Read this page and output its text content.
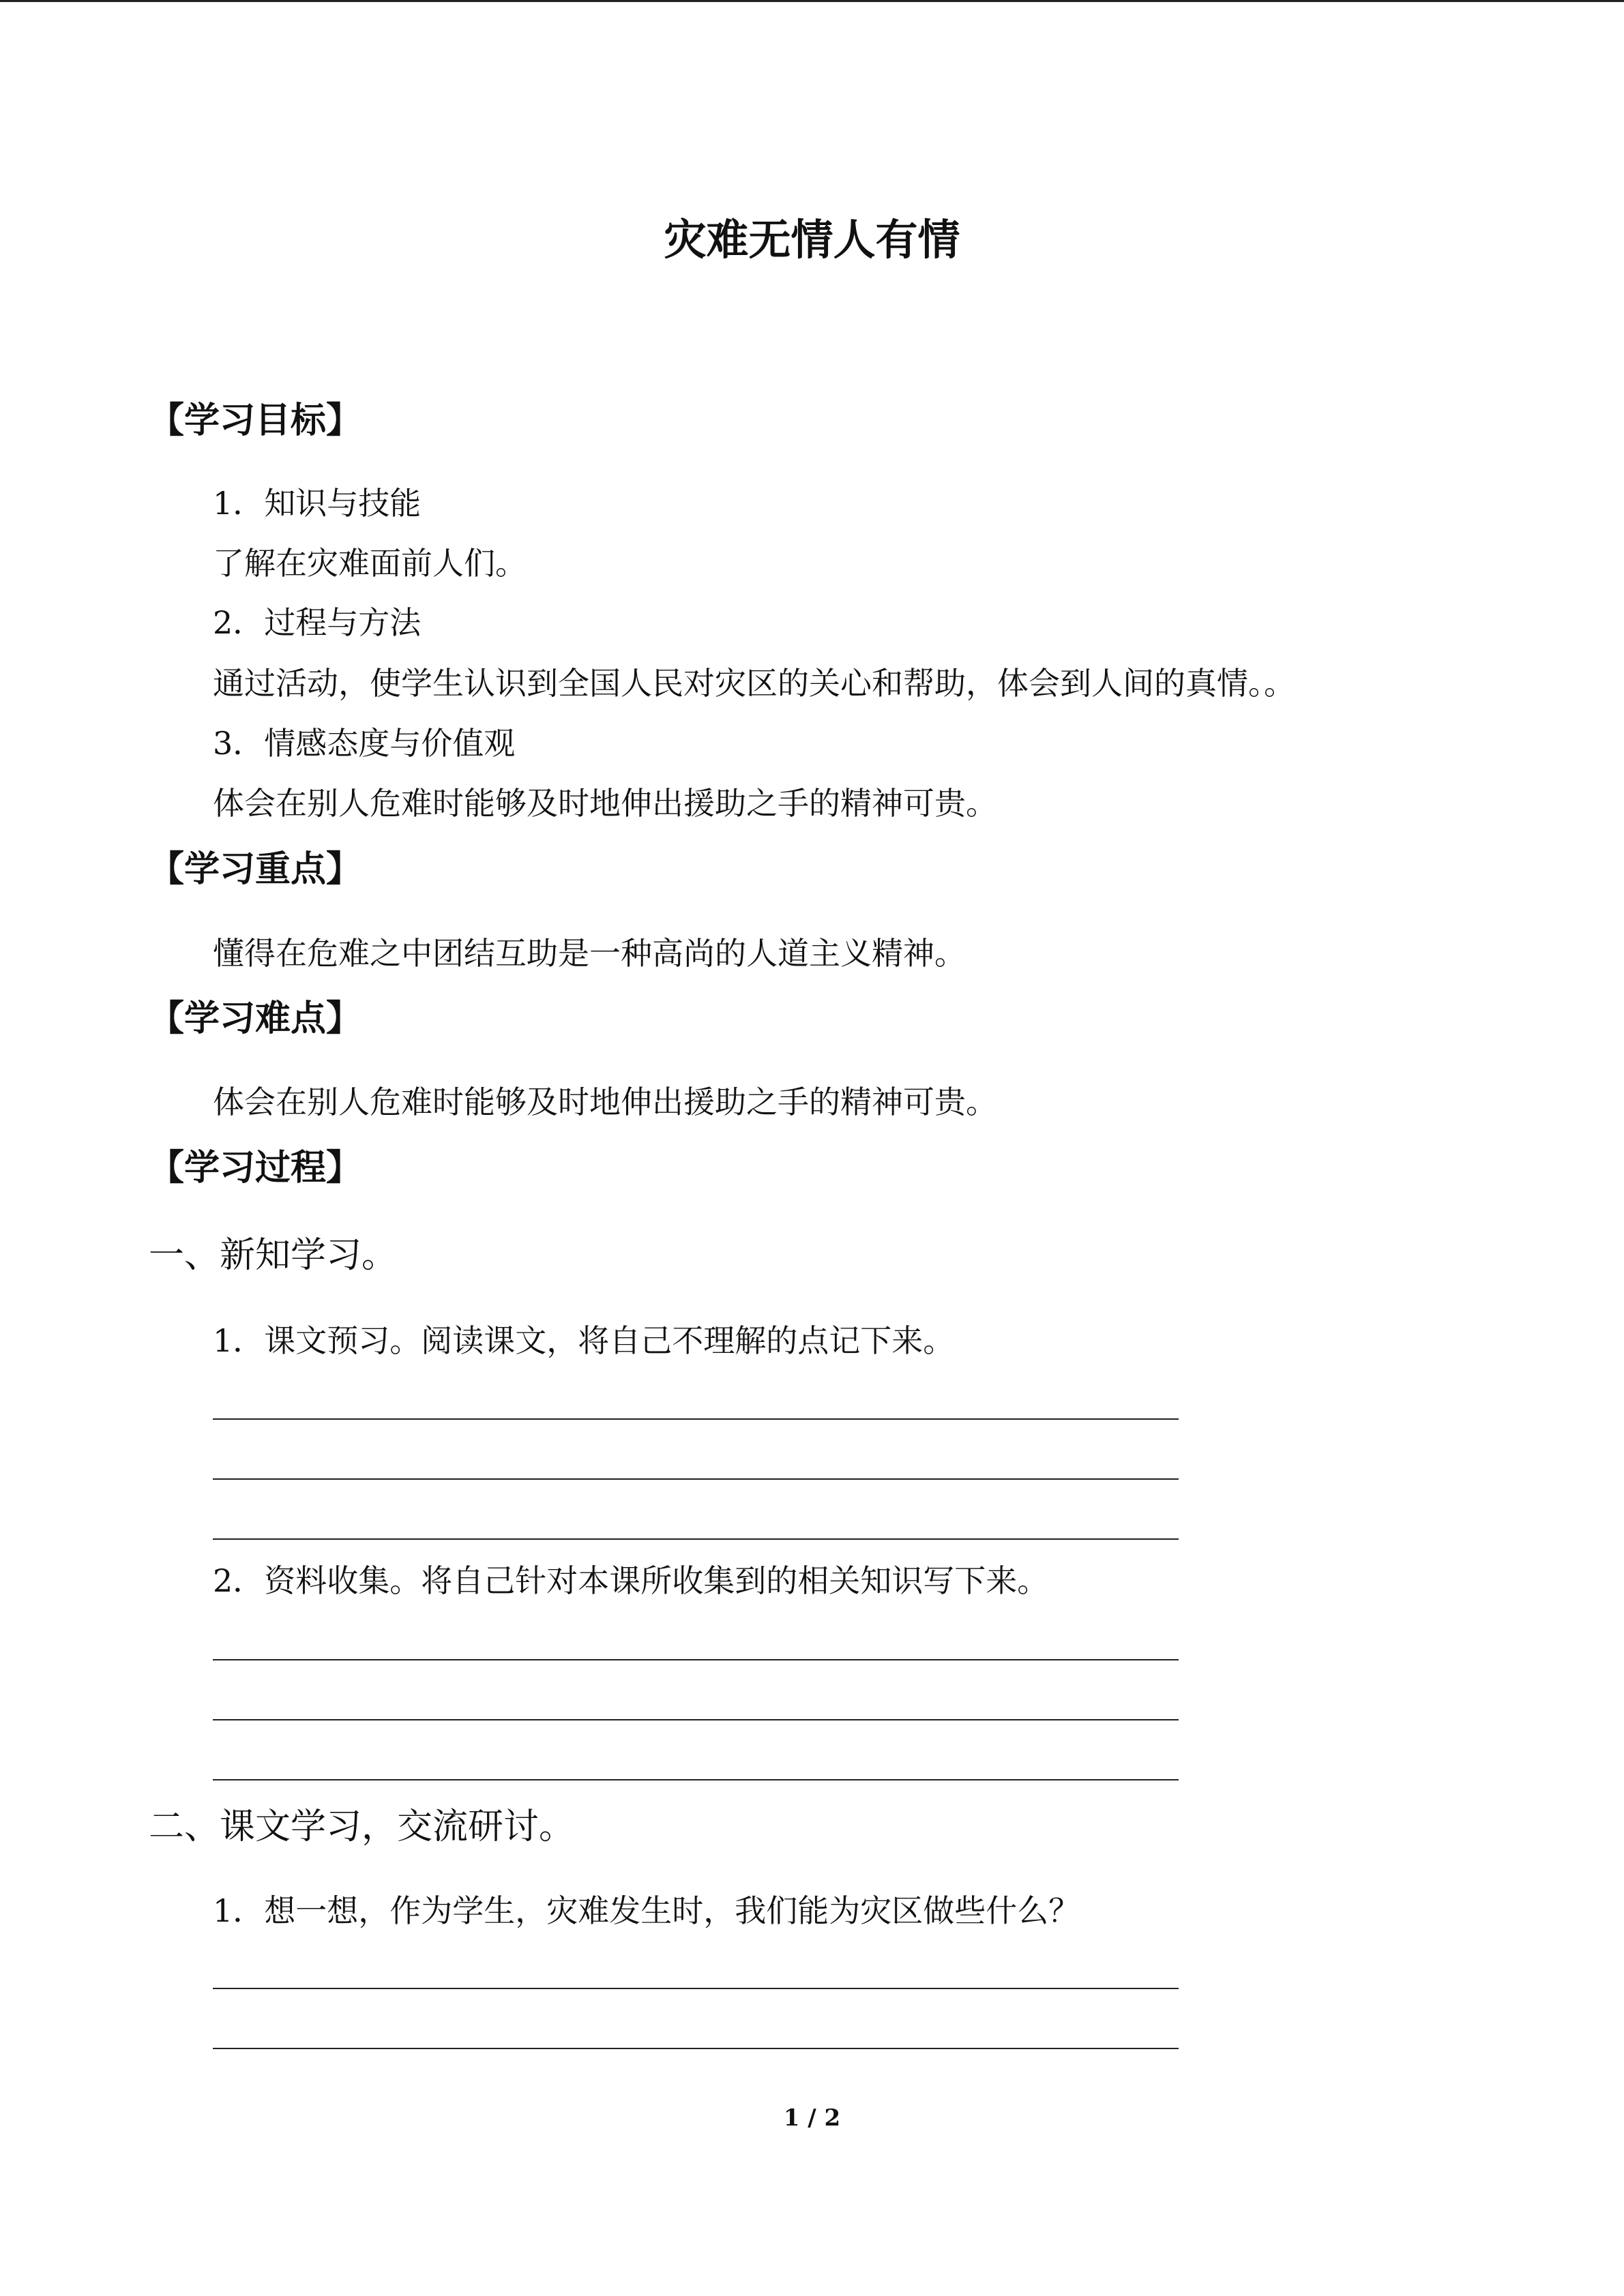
灾难无情人有情
【学习目标】
1．知识与技能
了解在灾难面前人们。
2．过程与方法
通过活动，使学生认识到全国人民对灾区的关心和帮助，体会到人间的真情。。
3．情感态度与价值观
体会在别人危难时能够及时地伸出援助之手的精神可贵。
【学习重点】
懂得在危难之中团结互助是一种高尚的人道主义精神。
【学习难点】
体会在别人危难时能够及时地伸出援助之手的精神可贵。
【学习过程】
一、新知学习。
1．课文预习。阅读课文，将自己不理解的点记下来。
2．资料收集。将自己针对本课所收集到的相关知识写下来。
二、课文学习，交流研讨。
1．想一想，作为学生，灾难发生时，我们能为灾区做些什么？
1 / 2
